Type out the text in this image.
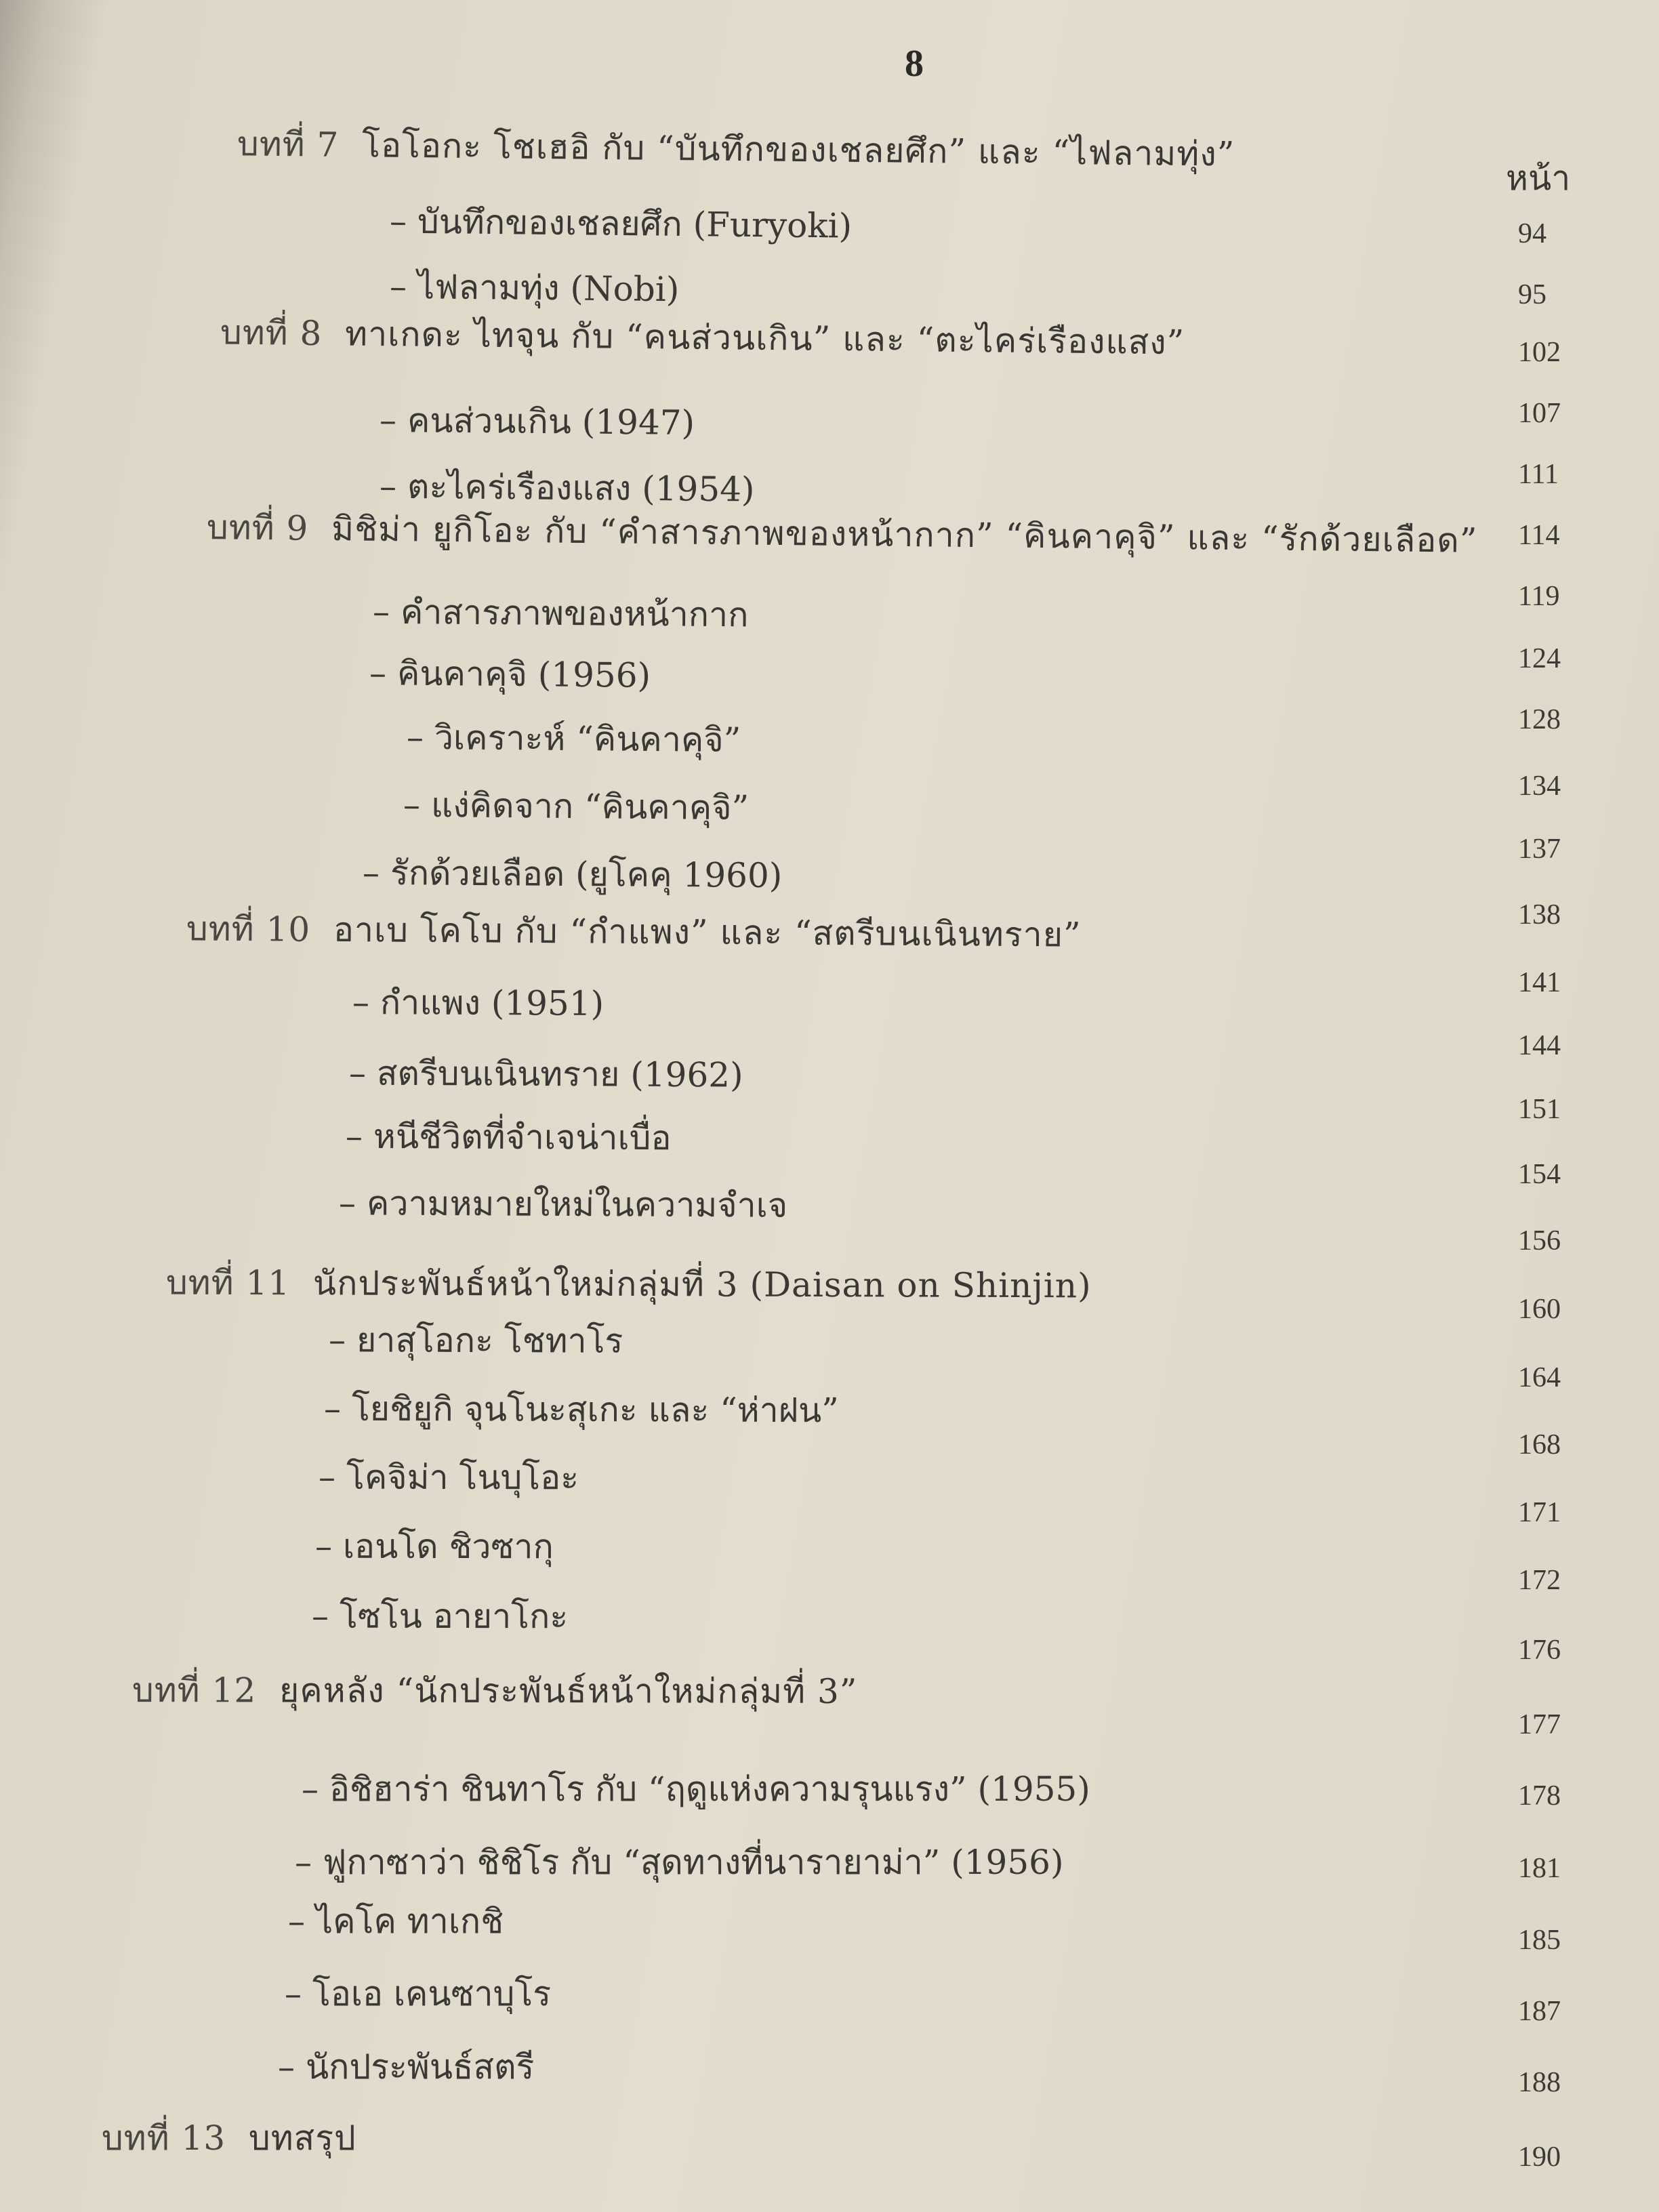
8
หน้า
บทที่ 7 โอโอกะ โชเฮอิ กับ “บันทึกของเชลยศึก” และ “ไฟลามทุ่ง”
– บันทึกของเชลยศึก (Furyoki)
– ไฟลามทุ่ง (Nobi)
บทที่ 8 ทาเกดะ ไทจุน กับ “คนส่วนเกิน” และ “ตะไคร่เรืองแสง”
– คนส่วนเกิน (1947)
– ตะไคร่เรืองแสง (1954)
บทที่ 9 มิชิม่า ยูกิโอะ กับ “คำสารภาพของหน้ากาก” “คินคาคุจิ” และ “รักด้วยเลือด”
– คำสารภาพของหน้ากาก
– คินคาคุจิ (1956)
– วิเคราะห์ “คินคาคุจิ”
– แง่คิดจาก “คินคาคุจิ”
– รักด้วยเลือด (ยูโคคุ 1960)
บทที่ 10 อาเบ โคโบ กับ “กำแพง” และ “สตรีบนเนินทราย”
– กำแพง (1951)
– สตรีบนเนินทราย (1962)
– หนีชีวิตที่จำเจน่าเบื่อ
– ความหมายใหม่ในความจำเจ
บทที่ 11 นักประพันธ์หน้าใหม่กลุ่มที่ 3 (Daisan on Shinjin)
– ยาสุโอกะ โชทาโร
– โยชิยูกิ จุนโนะสุเกะ และ “ห่าฝน”
– โคจิม่า โนบุโอะ
– เอนโด ชิวซากุ
– โซโน อายาโกะ
บทที่ 12 ยุคหลัง “นักประพันธ์หน้าใหม่กลุ่มที่ 3”
– อิชิฮาร่า ชินทาโร กับ “ฤดูแห่งความรุนแรง” (1955)
– ฟูกาซาว่า ชิชิโร กับ “สุดทางที่นารายาม่า” (1956)
– ไคโค ทาเกชิ
– โอเอ เคนซาบุโร
– นักประพันธ์สตรี
บทที่ 13 บทสรุป
94
95
102
107
111
114
119
124
128
134
137
138
141
144
151
154
156
160
164
168
171
172
176
177
178
181
185
187
188
190
